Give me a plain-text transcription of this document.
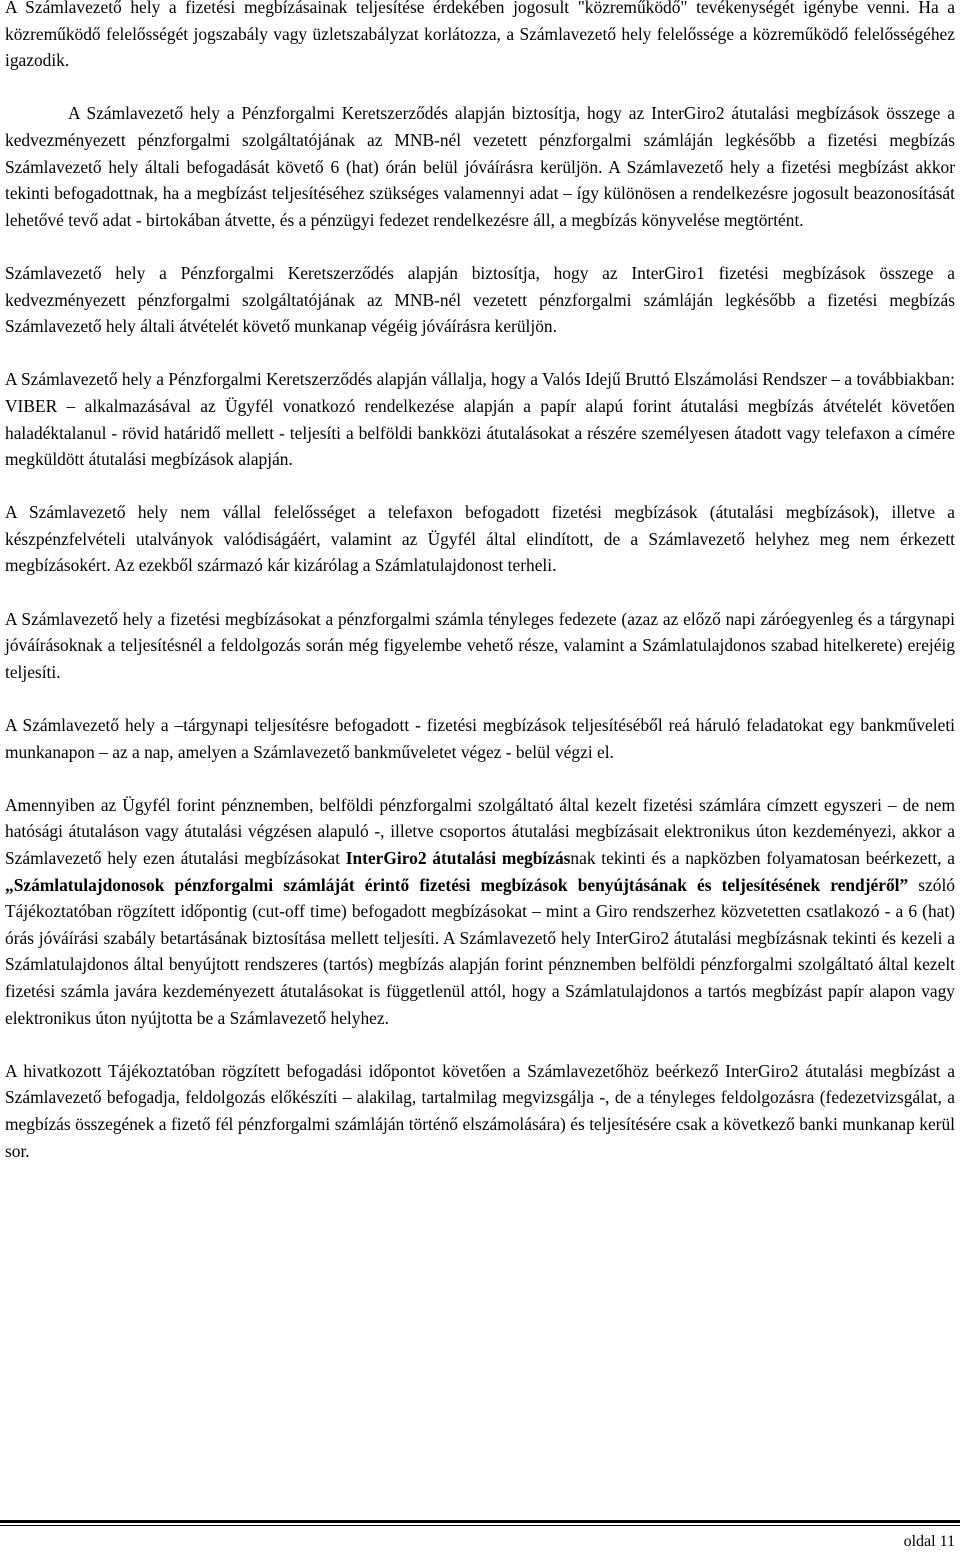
A Számlavezető hely a fizetési megbízásainak teljesítése érdekében jogosult "közreműködő" tevékenységét igénybe venni. Ha a közreműködő felelősségét jogszabály vagy üzletszabályzat korlátozza, a Számlavezető hely felelőssége a közreműködő felelősségéhez igazodik.

A Számlavezető hely a Pénzforgalmi Keretszerződés alapján biztosítja, hogy az InterGiro2 átutalási megbízások összege a kedvezményezett pénzforgalmi szolgáltatójának az MNB-nél vezetett pénzforgalmi számláján legkésőbb a fizetési megbízás Számlavezető hely általi befogadását követő 6 (hat) órán belül jóváírásra kerüljön. A Számlavezető hely a fizetési megbízást akkor tekinti befogadottnak, ha a megbízást teljesítéséhez szükséges valamennyi adat – így különösen a rendelkezésre jogosult beazonosítását lehetővé tevő adat - birtokában átvette, és a pénzügyi fedezet rendelkezésre áll, a megbízás könyvelése megtörtént.

Számlavezető hely a Pénzforgalmi Keretszerződés alapján biztosítja, hogy az InterGiro1 fizetési megbízások összege a kedvezményezett pénzforgalmi szolgáltatójának az MNB-nél vezetett pénzforgalmi számláján legkésőbb a fizetési megbízás Számlavezető hely általi átvételét követő munkanap végéig jóváírásra kerüljön.

A Számlavezető hely a Pénzforgalmi Keretszerződés alapján vállalja, hogy a Valós Idejű Bruttó Elszámolási Rendszer – a továbbiakban: VIBER – alkalmazásával az Ügyfél vonatkozó rendelkezése alapján a papír alapú forint átutalási megbízás átvételét követően haladéktalanul - rövid határidő mellett - teljesíti a belföldi bankközi átutalásokat a részére személyesen átadott vagy telefaxon a címére megküldött átutalási megbízások alapján.

A Számlavezető hely nem vállal felelősséget a telefaxon befogadott fizetési megbízások (átutalási megbízások), illetve a készpénzfelvételi utalványok valódiságáért, valamint az Ügyfél által elindított, de a Számlavezető helyhez meg nem érkezett megbízásokért. Az ezekből származó kár kizárólag a Számlatulajdonost terheli.

A Számlavezető hely a fizetési megbízásokat a pénzforgalmi számla tényleges fedezete (azaz az előző napi záróegyenleg és a tárgynapi jóváírásoknak a teljesítésnél a feldolgozás során még figyelembe vehető része, valamint a Számlatulajdonos szabad hitelkerete) erejéig teljesíti.

A Számlavezető hely a –tárgynapi teljesítésre befogadott - fizetési megbízások teljesítéséből reá háruló feladatokat egy bankműveleti munkanapon – az a nap, amelyen a Számlavezető bankműveletet végez - belül végzi el.

Amennyiben az Ügyfél forint pénznemben, belföldi pénzforgalmi szolgáltató által kezelt fizetési számlára címzett egyszeri – de nem hatósági átutaláson vagy átutalási végzésen alapuló -, illetve csoportos átutalási megbízásait elektronikus úton kezdeményezi, akkor a Számlavezető hely ezen átutalási megbízásokat InterGiro2 átutalási megbízásnak tekinti és a napközben folyamatosan beérkezett, a „Számlatulajdonosok pénzforgalmi számláját érintő fizetési megbízások benyújtásának és teljesítésének rendjéről” szóló Tájékoztatóban rögzített időpontig (cut-off time) befogadott megbízásokat – mint a Giro rendszerhez közvetetten csatlakozó - a 6 (hat) órás jóváírási szabály betartásának biztosítása mellett teljesíti. A Számlavezető hely InterGiro2 átutalási megbízásnak tekinti és kezeli a Számlatulajdonos által benyújtott rendszeres (tartós) megbízás alapján forint pénznemben belföldi pénzforgalmi szolgáltató által kezelt fizetési számla javára kezdeményezett átutalásokat is függetlenül attól, hogy a Számlatulajdonos a tartós megbízást papír alapon vagy elektronikus úton nyújtotta be a Számlavezető helyhez.

A hivatkozott Tájékoztatóban rögzített befogadási időpontot követően a Számlavezetőhöz beérkező InterGiro2 átutalási megbízást a Számlavezető befogadja, feldolgozás előkészíti – alakilag, tartalmilag megvizsgálja -, de a tényleges feldolgozásra (fedezetvizsgálat, a megbízás összegének a fizető fél pénzforgalmi számláján történő elszámolására) és teljesítésére csak a következő banki munkanap kerül sor.

oldal 11
